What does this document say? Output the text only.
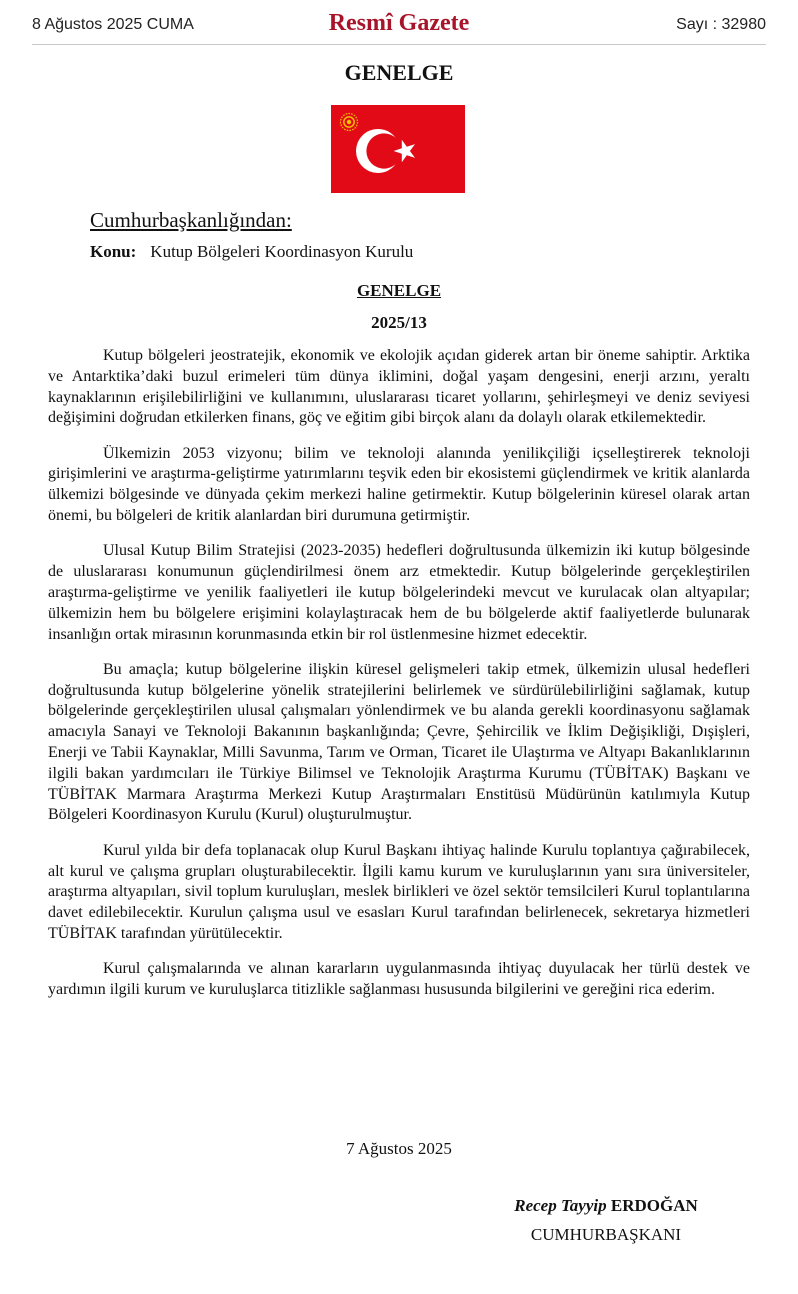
8 Ağustos 2025 CUMA	Resmî Gazete	Sayı : 32980
GENELGE
Cumhurbaşkanlığından:
Konu: Kutup Bölgeleri Koordinasyon Kurulu
GENELGE
2025/13

Kutup bölgeleri jeostratejik, ekonomik ve ekolojik açıdan giderek artan bir öneme sahiptir. Arktika ve Antarktika’daki buzul erimeleri tüm dünya iklimini, doğal yaşam dengesini, enerji arzını, yeraltı kaynaklarının erişilebilirliğini ve kullanımını, uluslararası ticaret yollarını, şehirleşmeyi ve deniz seviyesi değişimini doğrudan etkilerken finans, göç ve eğitim gibi birçok alanı da dolaylı olarak etkilemektedir.

Ülkemizin 2053 vizyonu; bilim ve teknoloji alanında yenilikçiliği içselleştirerek teknoloji girişimlerini ve araştırma-geliştirme yatırımlarını teşvik eden bir ekosistemi güçlendirmek ve kritik alanlarda ülkemizi bölgesinde ve dünyada çekim merkezi haline getirmektir. Kutup bölgelerinin küresel olarak artan önemi, bu bölgeleri de kritik alanlardan biri durumuna getirmiştir.

Ulusal Kutup Bilim Stratejisi (2023-2035) hedefleri doğrultusunda ülkemizin iki kutup bölgesinde de uluslararası konumunun güçlendirilmesi önem arz etmektedir. Kutup bölgelerinde gerçekleştirilen araştırma-geliştirme ve yenilik faaliyetleri ile kutup bölgelerindeki mevcut ve kurulacak olan altyapılar; ülkemizin hem bu bölgelere erişimini kolaylaştıracak hem de bu bölgelerde aktif faaliyetlerde bulunarak insanlığın ortak mirasının korunmasında etkin bir rol üstlenmesine hizmet edecektir.

Bu amaçla; kutup bölgelerine ilişkin küresel gelişmeleri takip etmek, ülkemizin ulusal hedefleri doğrultusunda kutup bölgelerine yönelik stratejilerini belirlemek ve sürdürülebilirliğini sağlamak, kutup bölgelerinde gerçekleştirilen ulusal çalışmaları yönlendirmek ve bu alanda gerekli koordinasyonu sağlamak amacıyla Sanayi ve Teknoloji Bakanının başkanlığında; Çevre, Şehircilik ve İklim Değişikliği, Dışişleri, Enerji ve Tabii Kaynaklar, Milli Savunma, Tarım ve Orman, Ticaret ile Ulaştırma ve Altyapı Bakanlıklarının ilgili bakan yardımcıları ile Türkiye Bilimsel ve Teknolojik Araştırma Kurumu (TÜBİTAK) Başkanı ve TÜBİTAK Marmara Araştırma Merkezi Kutup Araştırmaları Enstitüsü Müdürünün katılımıyla Kutup Bölgeleri Koordinasyon Kurulu (Kurul) oluşturulmuştur.

Kurul yılda bir defa toplanacak olup Kurul Başkanı ihtiyaç halinde Kurulu toplantıya çağırabilecek, alt kurul ve çalışma grupları oluşturabilecektir. İlgili kamu kurum ve kuruluşlarının yanı sıra üniversiteler, araştırma altyapıları, sivil toplum kuruluşları, meslek birlikleri ve özel sektör temsilcileri Kurul toplantılarına davet edilebilecektir. Kurulun çalışma usul ve esasları Kurul tarafından belirlenecek, sekretarya hizmetleri TÜBİTAK tarafından yürütülecektir.

Kurul çalışmalarında ve alınan kararların uygulanmasında ihtiyaç duyulacak her türlü destek ve yardımın ilgili kurum ve kuruluşlarca titizlikle sağlanması hususunda bilgilerini ve gereğini rica ederim.

7 Ağustos 2025
Recep Tayyip ERDOĞAN
CUMHURBAŞKANI
